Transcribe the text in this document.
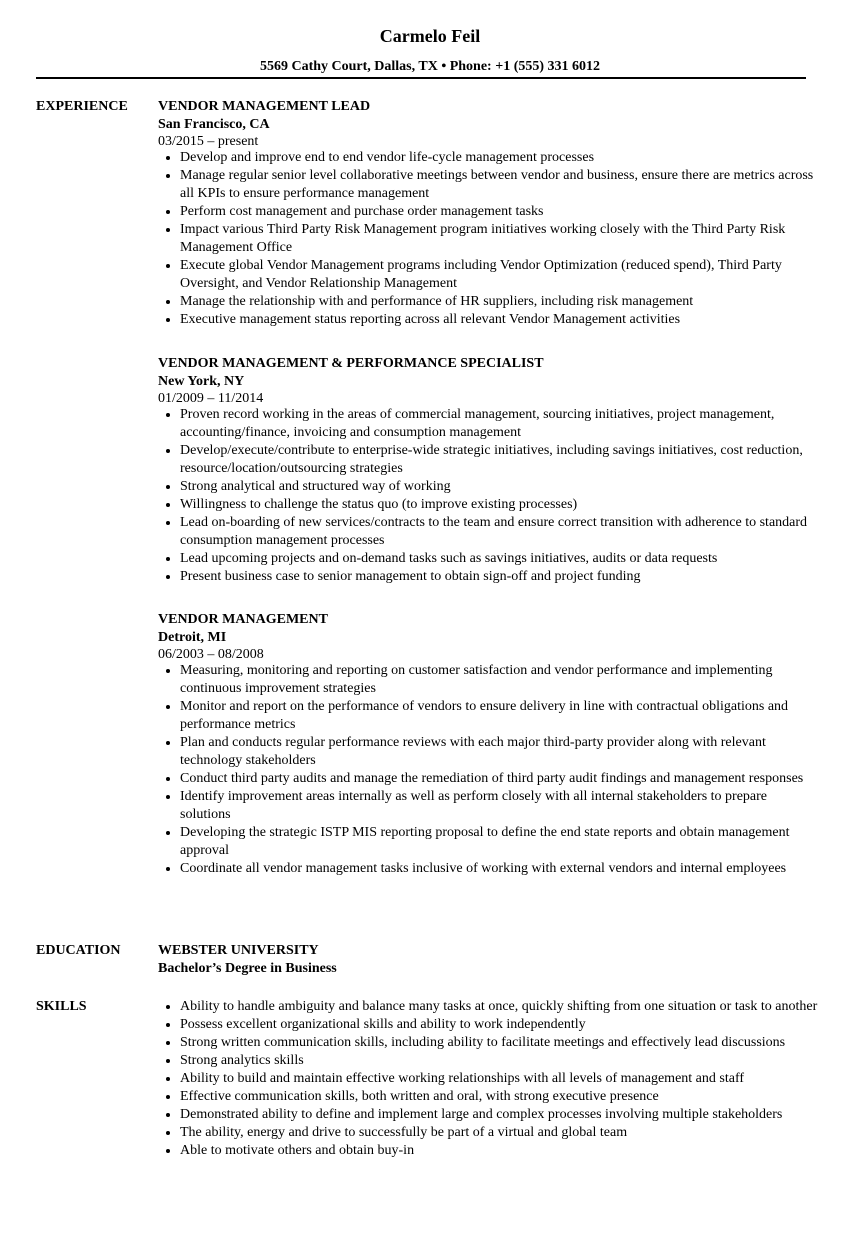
Carmelo Feil
5569 Cathy Court, Dallas, TX • Phone: +1 (555) 331 6012
EXPERIENCE VENDOR MANAGEMENT LEAD
San Francisco, CA
03/2015 – present
• Develop and improve end to end vendor life-cycle management processes
• Manage regular senior level collaborative meetings between vendor and business, ensure there are metrics across all KPIs to ensure performance management
• Perform cost management and purchase order management tasks
• Impact various Third Party Risk Management program initiatives working closely with the Third Party Risk Management Office
• Execute global Vendor Management programs including Vendor Optimization (reduced spend), Third Party Oversight, and Vendor Relationship Management
• Manage the relationship with and performance of HR suppliers, including risk management
• Executive management status reporting across all relevant Vendor Management activities
VENDOR MANAGEMENT & PERFORMANCE SPECIALIST
New York, NY
01/2009 – 11/2014
• Proven record working in the areas of commercial management, sourcing initiatives, project management, accounting/finance, invoicing and consumption management
• Develop/execute/contribute to enterprise-wide strategic initiatives, including savings initiatives, cost reduction, resource/location/outsourcing strategies
• Strong analytical and structured way of working
• Willingness to challenge the status quo (to improve existing processes)
• Lead on-boarding of new services/contracts to the team and ensure correct transition with adherence to standard consumption management processes
• Lead upcoming projects and on-demand tasks such as savings initiatives, audits or data requests
• Present business case to senior management to obtain sign-off and project funding
VENDOR MANAGEMENT
Detroit, MI
06/2003 – 08/2008
• Measuring, monitoring and reporting on customer satisfaction and vendor performance and implementing continuous improvement strategies
• Monitor and report on the performance of vendors to ensure delivery in line with contractual obligations and performance metrics
• Plan and conducts regular performance reviews with each major third-party provider along with relevant technology stakeholders
• Conduct third party audits and manage the remediation of third party audit findings and management responses
• Identify improvement areas internally as well as perform closely with all internal stakeholders to prepare solutions
• Developing the strategic ISTP MIS reporting proposal to define the end state reports and obtain management approval
• Coordinate all vendor management tasks inclusive of working with external vendors and internal employees
EDUCATION	WEBSTER UNIVERSITY
Bachelor’s Degree in Business
SKILLS
•	Ability to handle ambiguity and balance many tasks at once, quickly shifting from one situation or task to another
• Possess excellent organizational skills and ability to work independently
• Strong written communication skills, including ability to facilitate meetings and effectively lead discussions
• Strong analytics skills
• Ability to build and maintain effective working relationships with all levels of management and staff
• Effective communication skills, both written and oral, with strong executive presence
• Demonstrated ability to define and implement large and complex processes involving multiple stakeholders
• The ability, energy and drive to successfully be part of a virtual and global team
• Able to motivate others and obtain buy-in
